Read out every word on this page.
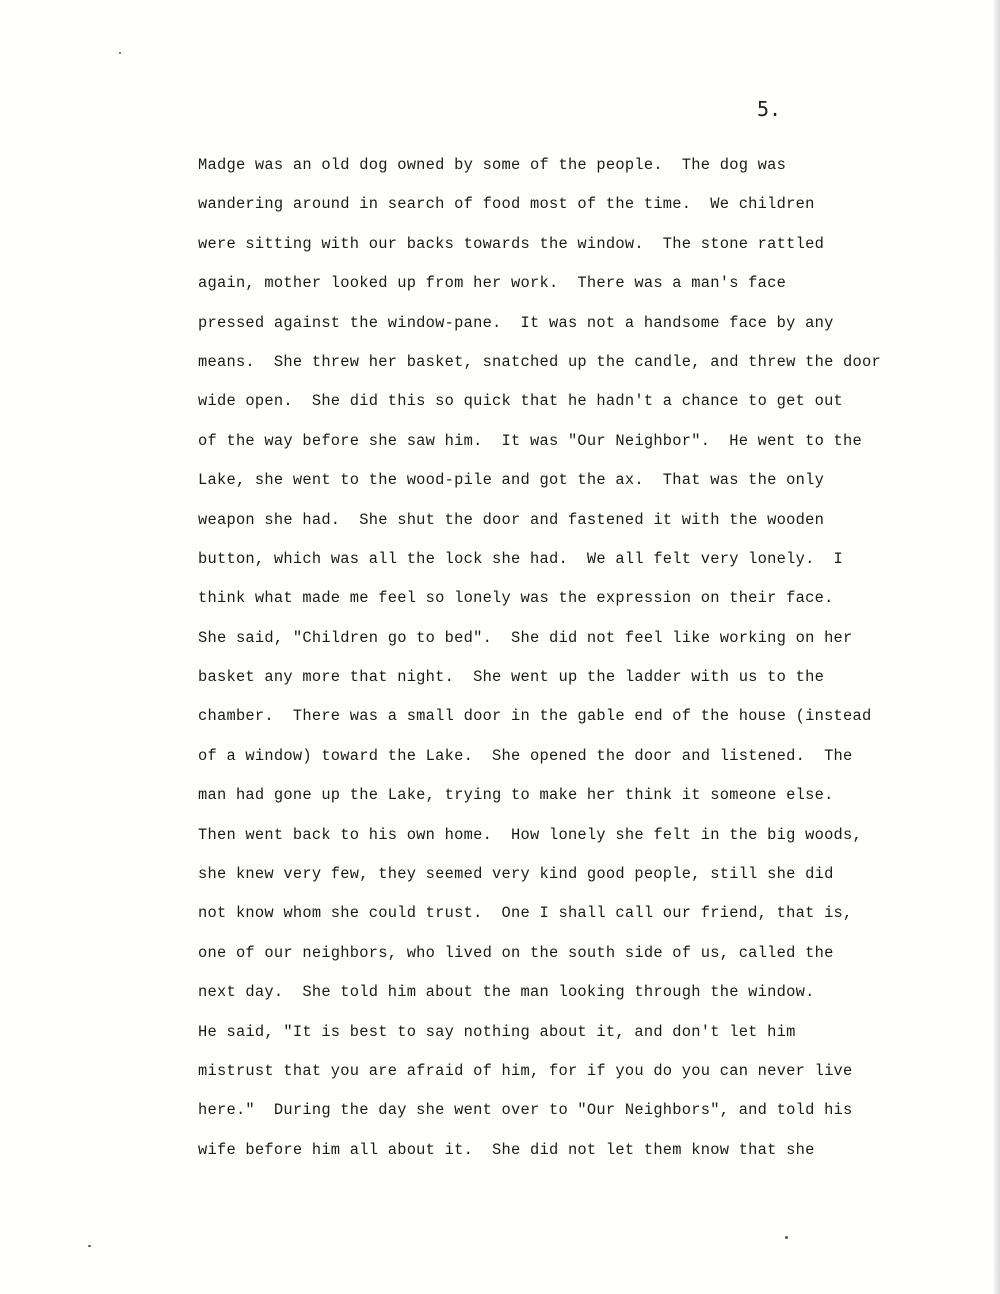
5.
Madge was an old dog owned by some of the people.  The dog was
wandering around in search of food most of the time.  We children
were sitting with our backs towards the window.  The stone rattled
again, mother looked up from her work.  There was a man's face
pressed against the window-pane.  It was not a handsome face by any
means.  She threw her basket, snatched up the candle, and threw the door
wide open.  She did this so quick that he hadn't a chance to get out
of the way before she saw him.  It was "Our Neighbor".  He went to the
Lake, she went to the wood-pile and got the ax.  That was the only
weapon she had.  She shut the door and fastened it with the wooden
button, which was all the lock she had.  We all felt very lonely.  I
think what made me feel so lonely was the expression on their face.
She said, "Children go to bed".  She did not feel like working on her
basket any more that night.  She went up the ladder with us to the
chamber.  There was a small door in the gable end of the house (instead
of a window) toward the Lake.  She opened the door and listened.  The
man had gone up the Lake, trying to make her think it someone else.
Then went back to his own home.  How lonely she felt in the big woods,
she knew very few, they seemed very kind good people, still she did
not know whom she could trust.  One I shall call our friend, that is,
one of our neighbors, who lived on the south side of us, called the
next day.  She told him about the man looking through the window.
He said, "It is best to say nothing about it, and don't let him
mistrust that you are afraid of him, for if you do you can never live
here."  During the day she went over to "Our Neighbors", and told his
wife before him all about it.  She did not let them know that she
